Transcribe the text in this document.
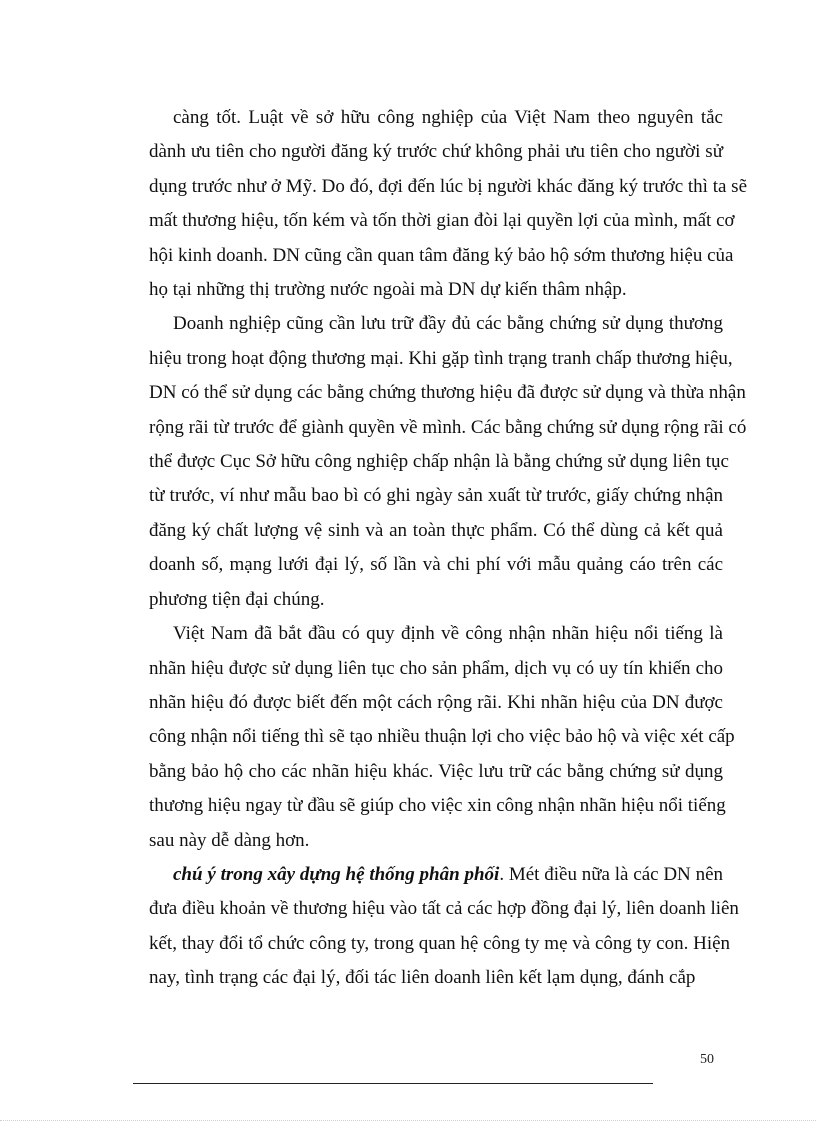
càng tốt. Luật về sở hữu công nghiệp của Việt Nam theo nguyên tắc
dành ưu tiên cho người đăng ký trước chứ không phải ưu tiên cho người sử
dụng trước như ở Mỹ. Do đó, đợi đến lúc bị người khác đăng ký trước thì ta sẽ
mất thương hiệu, tốn kém và tốn thời gian đòi lại quyền lợi của mình, mất cơ
hội kinh doanh. DN cũng cần quan tâm đăng ký bảo hộ sớm thương hiệu của
họ tại những thị trường nước ngoài mà DN dự kiến thâm nhập.
Doanh nghiệp cũng cần lưu trữ đầy đủ các bằng chứng sử dụng thương
hiệu trong hoạt động thương mại. Khi gặp tình trạng tranh chấp thương hiệu,
DN có thể sử dụng các bằng chứng thương hiệu đã được sử dụng và thừa nhận
rộng rãi từ trước để giành quyền về mình. Các bằng chứng sử dụng rộng rãi có
thể được Cục Sở hữu công nghiệp chấp nhận là bằng chứng sử dụng liên tục
từ trước, ví như mẫu bao bì có ghi ngày sản xuất từ trước, giấy chứng nhận
đăng ký chất lượng vệ sinh và an toàn thực phẩm. Có thể dùng cả kết quả
doanh số, mạng lưới đại lý, số lần và chi phí với mẫu quảng cáo trên các
phương tiện đại chúng.
Việt Nam đã bắt đầu có quy định về công nhận nhãn hiệu nổi tiếng là
nhãn hiệu được sử dụng liên tục cho sản phẩm, dịch vụ có uy tín khiến cho
nhãn hiệu đó được biết đến một cách rộng rãi. Khi nhãn hiệu của DN được
công nhận nổi tiếng thì sẽ tạo nhiều thuận lợi cho việc bảo hộ và việc xét cấp
bằng bảo hộ cho các nhãn hiệu khác. Việc lưu trữ các bằng chứng sử dụng
thương hiệu ngay từ đầu sẽ giúp cho việc xin công nhận nhãn hiệu nổi tiếng
sau này dễ dàng hơn.
chú ý trong xây dựng hệ thống phân phối. Mét điều nữa là các DN nên
đưa điều khoản về thương hiệu vào tất cả các hợp đồng đại lý, liên doanh liên
kết, thay đổi tổ chức công ty, trong quan hệ công ty mẹ và công ty con. Hiện
nay, tình trạng các đại lý, đối tác liên doanh liên kết lạm dụng, đánh cắp
50
